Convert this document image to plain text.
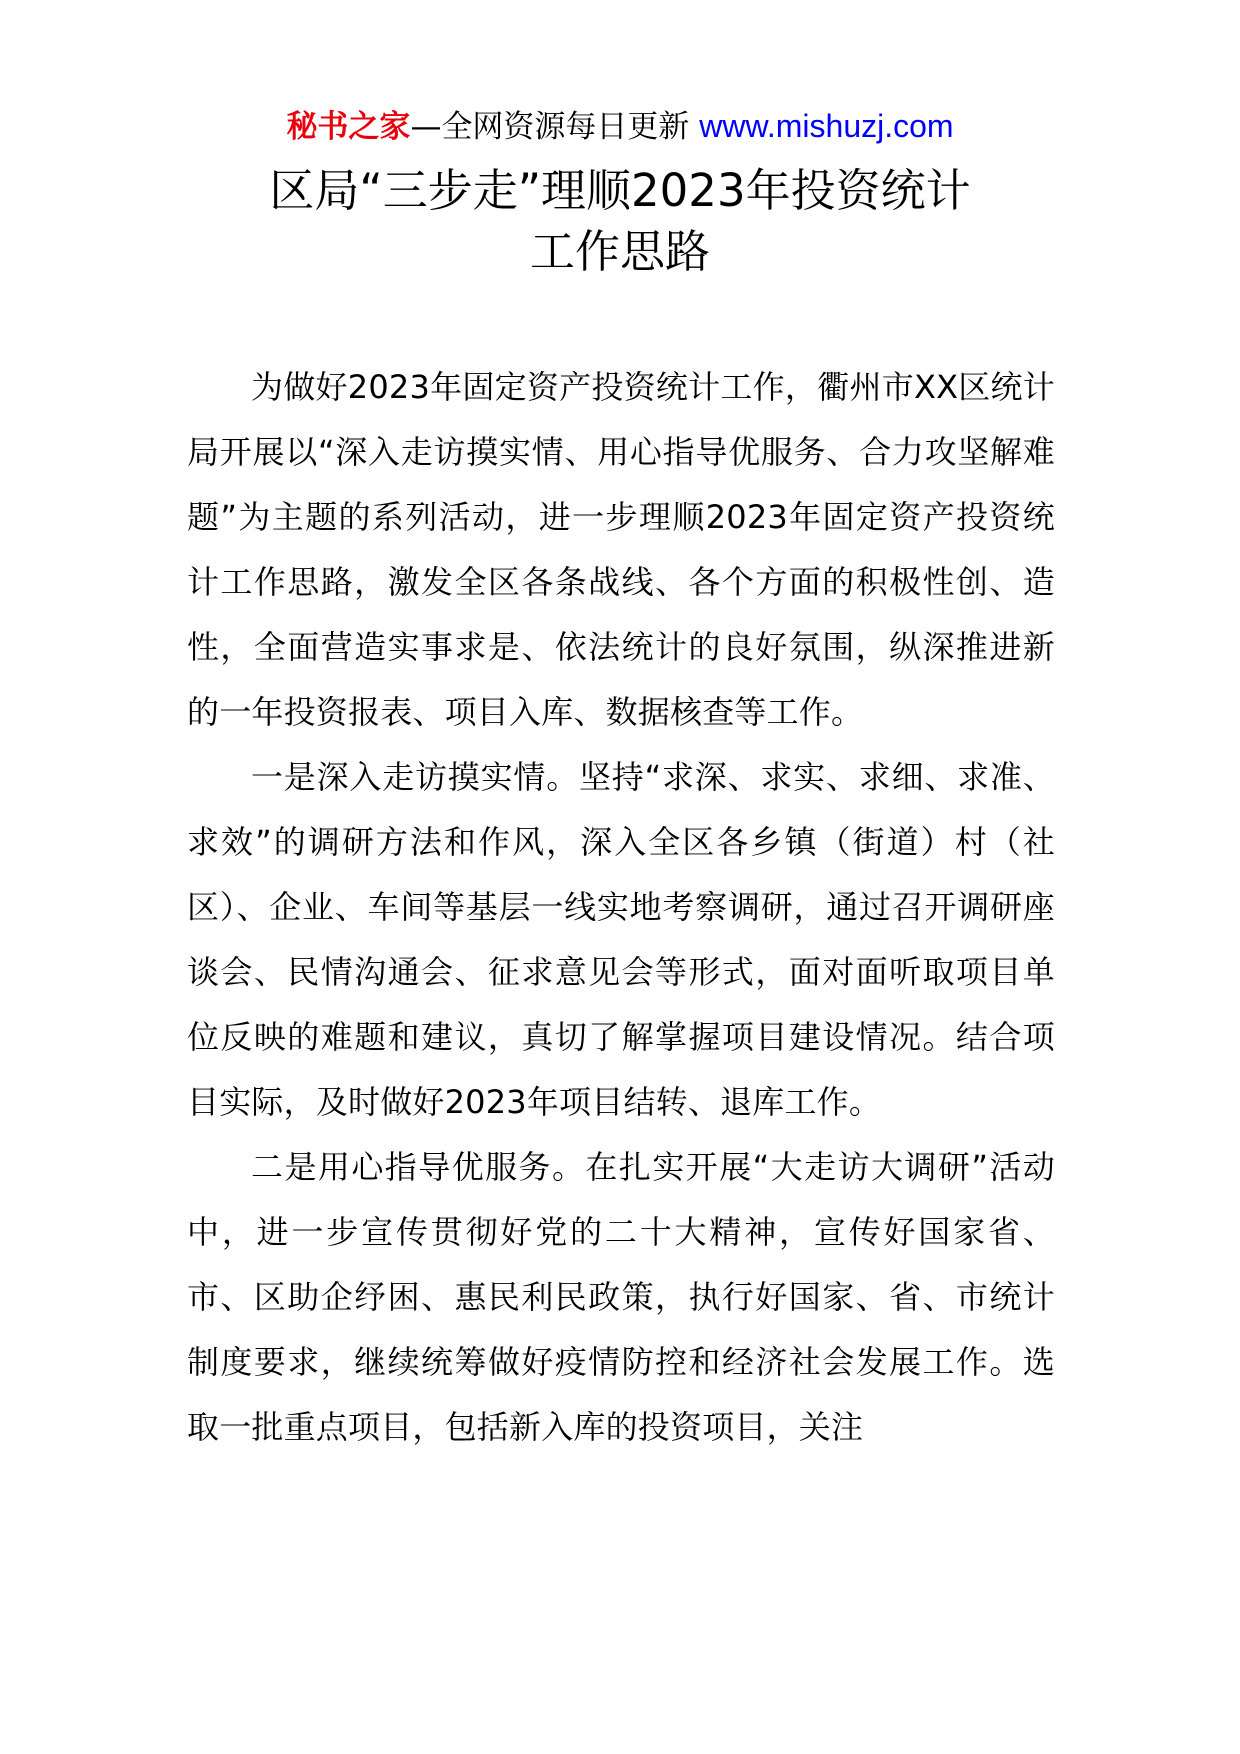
秘书之家—全网资源每日更新 www.mishuzj.com
区局“三步走”理顺2023年投资统计
工作思路

为做好2023年固定资产投资统计工作，衢州市XX区统计局开展以“深入走访摸实情、用心指导优服务、合力攻坚解难题”为主题的系列活动，进一步理顺2023年固定资产投资统计工作思路，激发全区各条战线、各个方面的积极性创、造性，全面营造实事求是、依法统计的良好氛围，纵深推进新的一年投资报表、项目入库、数据核查等工作。

一是深入走访摸实情。坚持“求深、求实、求细、求准、求效”的调研方法和作风，深入全区各乡镇（街道）村（社区）、企业、车间等基层一线实地考察调研，通过召开调研座谈会、民情沟通会、征求意见会等形式，面对面听取项目单位反映的难题和建议，真切了解掌握项目建设情况。结合项目实际，及时做好2023年项目结转、退库工作。

二是用心指导优服务。在扎实开展“大走访大调研”活动中，进一步宣传贯彻好党的二十大精神，宣传好国家省、市、区助企纾困、惠民利民政策，执行好国家、省、市统计制度要求，继续统筹做好疫情防控和经济社会发展工作。选取一批重点项目，包括新入库的投资项目，关注
